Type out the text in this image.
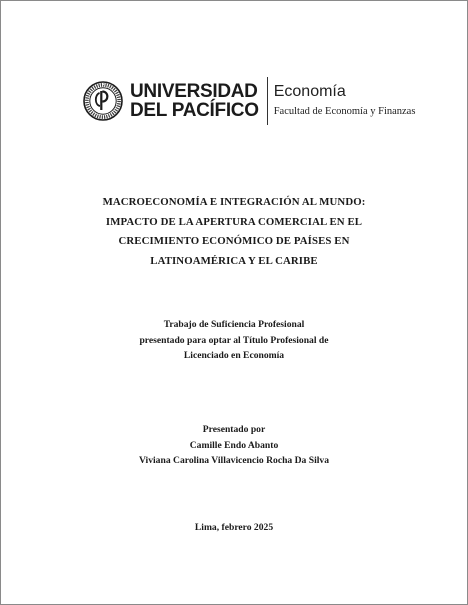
UNIVERSIDAD
DEL PACÍFICO
Economía
Facultad de Economía y Finanzas
MACROECONOMÍA E INTEGRACIÓN AL MUNDO:
IMPACTO DE LA APERTURA COMERCIAL EN EL
CRECIMIENTO ECONÓMICO DE PAÍSES EN
LATINOAMÉRICA Y EL CARIBE
Trabajo de Suficiencia Profesional
presentado para optar al Título Profesional de
Licenciado en Economía
Presentado por
Camille Endo Abanto
Viviana Carolina Villavicencio Rocha Da Silva
Lima, febrero 2025
